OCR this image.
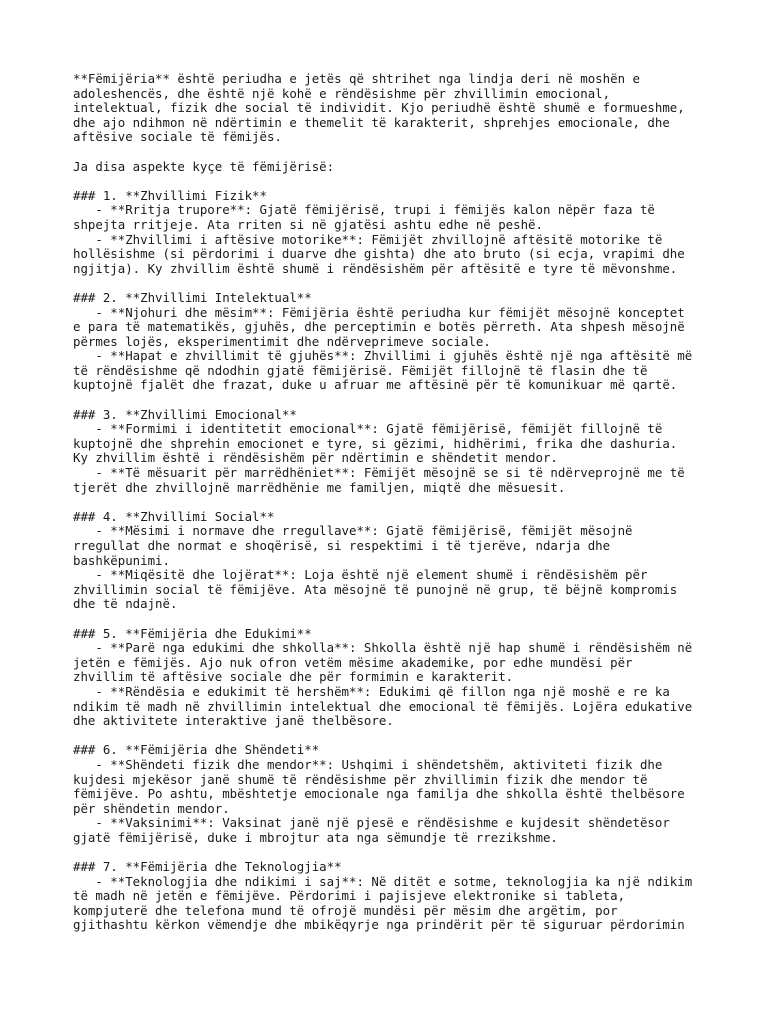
**Fëmijëria** është periudha e jetës që shtrihet nga lindja deri në moshën e
adoleshencës, dhe është një kohë e rëndësishme për zhvillimin emocional,
intelektual, fizik dhe social të individit. Kjo periudhë është shumë e formueshme,
dhe ajo ndihmon në ndërtimin e themelit të karakterit, shprehjes emocionale, dhe
aftësive sociale të fëmijës.
Ja disa aspekte kyçe të fëmijërisë:
### 1. **Zhvillimi Fizik**
- **Rritja trupore**: Gjatë fëmijërisë, trupi i fëmijës kalon nëpër faza të
shpejta rritjeje. Ata rriten si në gjatësi ashtu edhe në peshë.
- **Zhvillimi i aftësive motorike**: Fëmijët zhvillojnë aftësitë motorike të
hollësishme (si përdorimi i duarve dhe gishta) dhe ato bruto (si ecja, vrapimi dhe
ngjitja). Ky zhvillim është shumë i rëndësishëm për aftësitë e tyre të mëvonshme.
### 2. **Zhvillimi Intelektual**
- **Njohuri dhe mësim**: Fëmijëria është periudha kur fëmijët mësojnë konceptet
e para të matematikës, gjuhës, dhe perceptimin e botës përreth. Ata shpesh mësojnë
përmes lojës, eksperimentimit dhe ndërveprimeve sociale.
- **Hapat e zhvillimit të gjuhës**: Zhvillimi i gjuhës është një nga aftësitë më
të rëndësishme që ndodhin gjatë fëmijërisë. Fëmijët fillojnë të flasin dhe të
kuptojnë fjalët dhe frazat, duke u afruar me aftësinë për të komunikuar më qartë.
### 3. **Zhvillimi Emocional**
- **Formimi i identitetit emocional**: Gjatë fëmijërisë, fëmijët fillojnë të
kuptojnë dhe shprehin emocionet e tyre, si gëzimi, hidhërimi, frika dhe dashuria.
Ky zhvillim është i rëndësishëm për ndërtimin e shëndetit mendor.
- **Të mësuarit për marrëdhëniet**: Fëmijët mësojnë se si të ndërveprojnë me të
tjerët dhe zhvillojnë marrëdhënie me familjen, miqtë dhe mësuesit.
### 4. **Zhvillimi Social**
- **Mësimi i normave dhe rregullave**: Gjatë fëmijërisë, fëmijët mësojnë
rregullat dhe normat e shoqërisë, si respektimi i të tjerëve, ndarja dhe
bashkëpunimi.
- **Miqësitë dhe lojërat**: Loja është një element shumë i rëndësishëm për
zhvillimin social të fëmijëve. Ata mësojnë të punojnë në grup, të bëjnë kompromis
dhe të ndajnë.
### 5. **Fëmijëria dhe Edukimi**
- **Parë nga edukimi dhe shkolla**: Shkolla është një hap shumë i rëndësishëm në
jetën e fëmijës. Ajo nuk ofron vetëm mësime akademike, por edhe mundësi për
zhvillim të aftësive sociale dhe për formimin e karakterit.
- **Rëndësia e edukimit të hershëm**: Edukimi që fillon nga një moshë e re ka
ndikim të madh në zhvillimin intelektual dhe emocional të fëmijës. Lojëra edukative
dhe aktivitete interaktive janë thelbësore.
### 6. **Fëmijëria dhe Shëndeti**
- **Shëndeti fizik dhe mendor**: Ushqimi i shëndetshëm, aktiviteti fizik dhe
kujdesi mjekësor janë shumë të rëndësishme për zhvillimin fizik dhe mendor të
fëmijëve. Po ashtu, mbështetje emocionale nga familja dhe shkolla është thelbësore
për shëndetin mendor.
- **Vaksinimi**: Vaksinat janë një pjesë e rëndësishme e kujdesit shëndetësor
gjatë fëmijërisë, duke i mbrojtur ata nga sëmundje të rrezikshme.
### 7. **Fëmijëria dhe Teknologjia**
- **Teknologjia dhe ndikimi i saj**: Në ditët e sotme, teknologjia ka një ndikim
të madh në jetën e fëmijëve. Përdorimi i pajisjeve elektronike si tableta,
kompjuterë dhe telefona mund të ofrojë mundësi për mësim dhe argëtim, por
gjithashtu kërkon vëmendje dhe mbikëqyrje nga prindërit për të siguruar përdorimin
